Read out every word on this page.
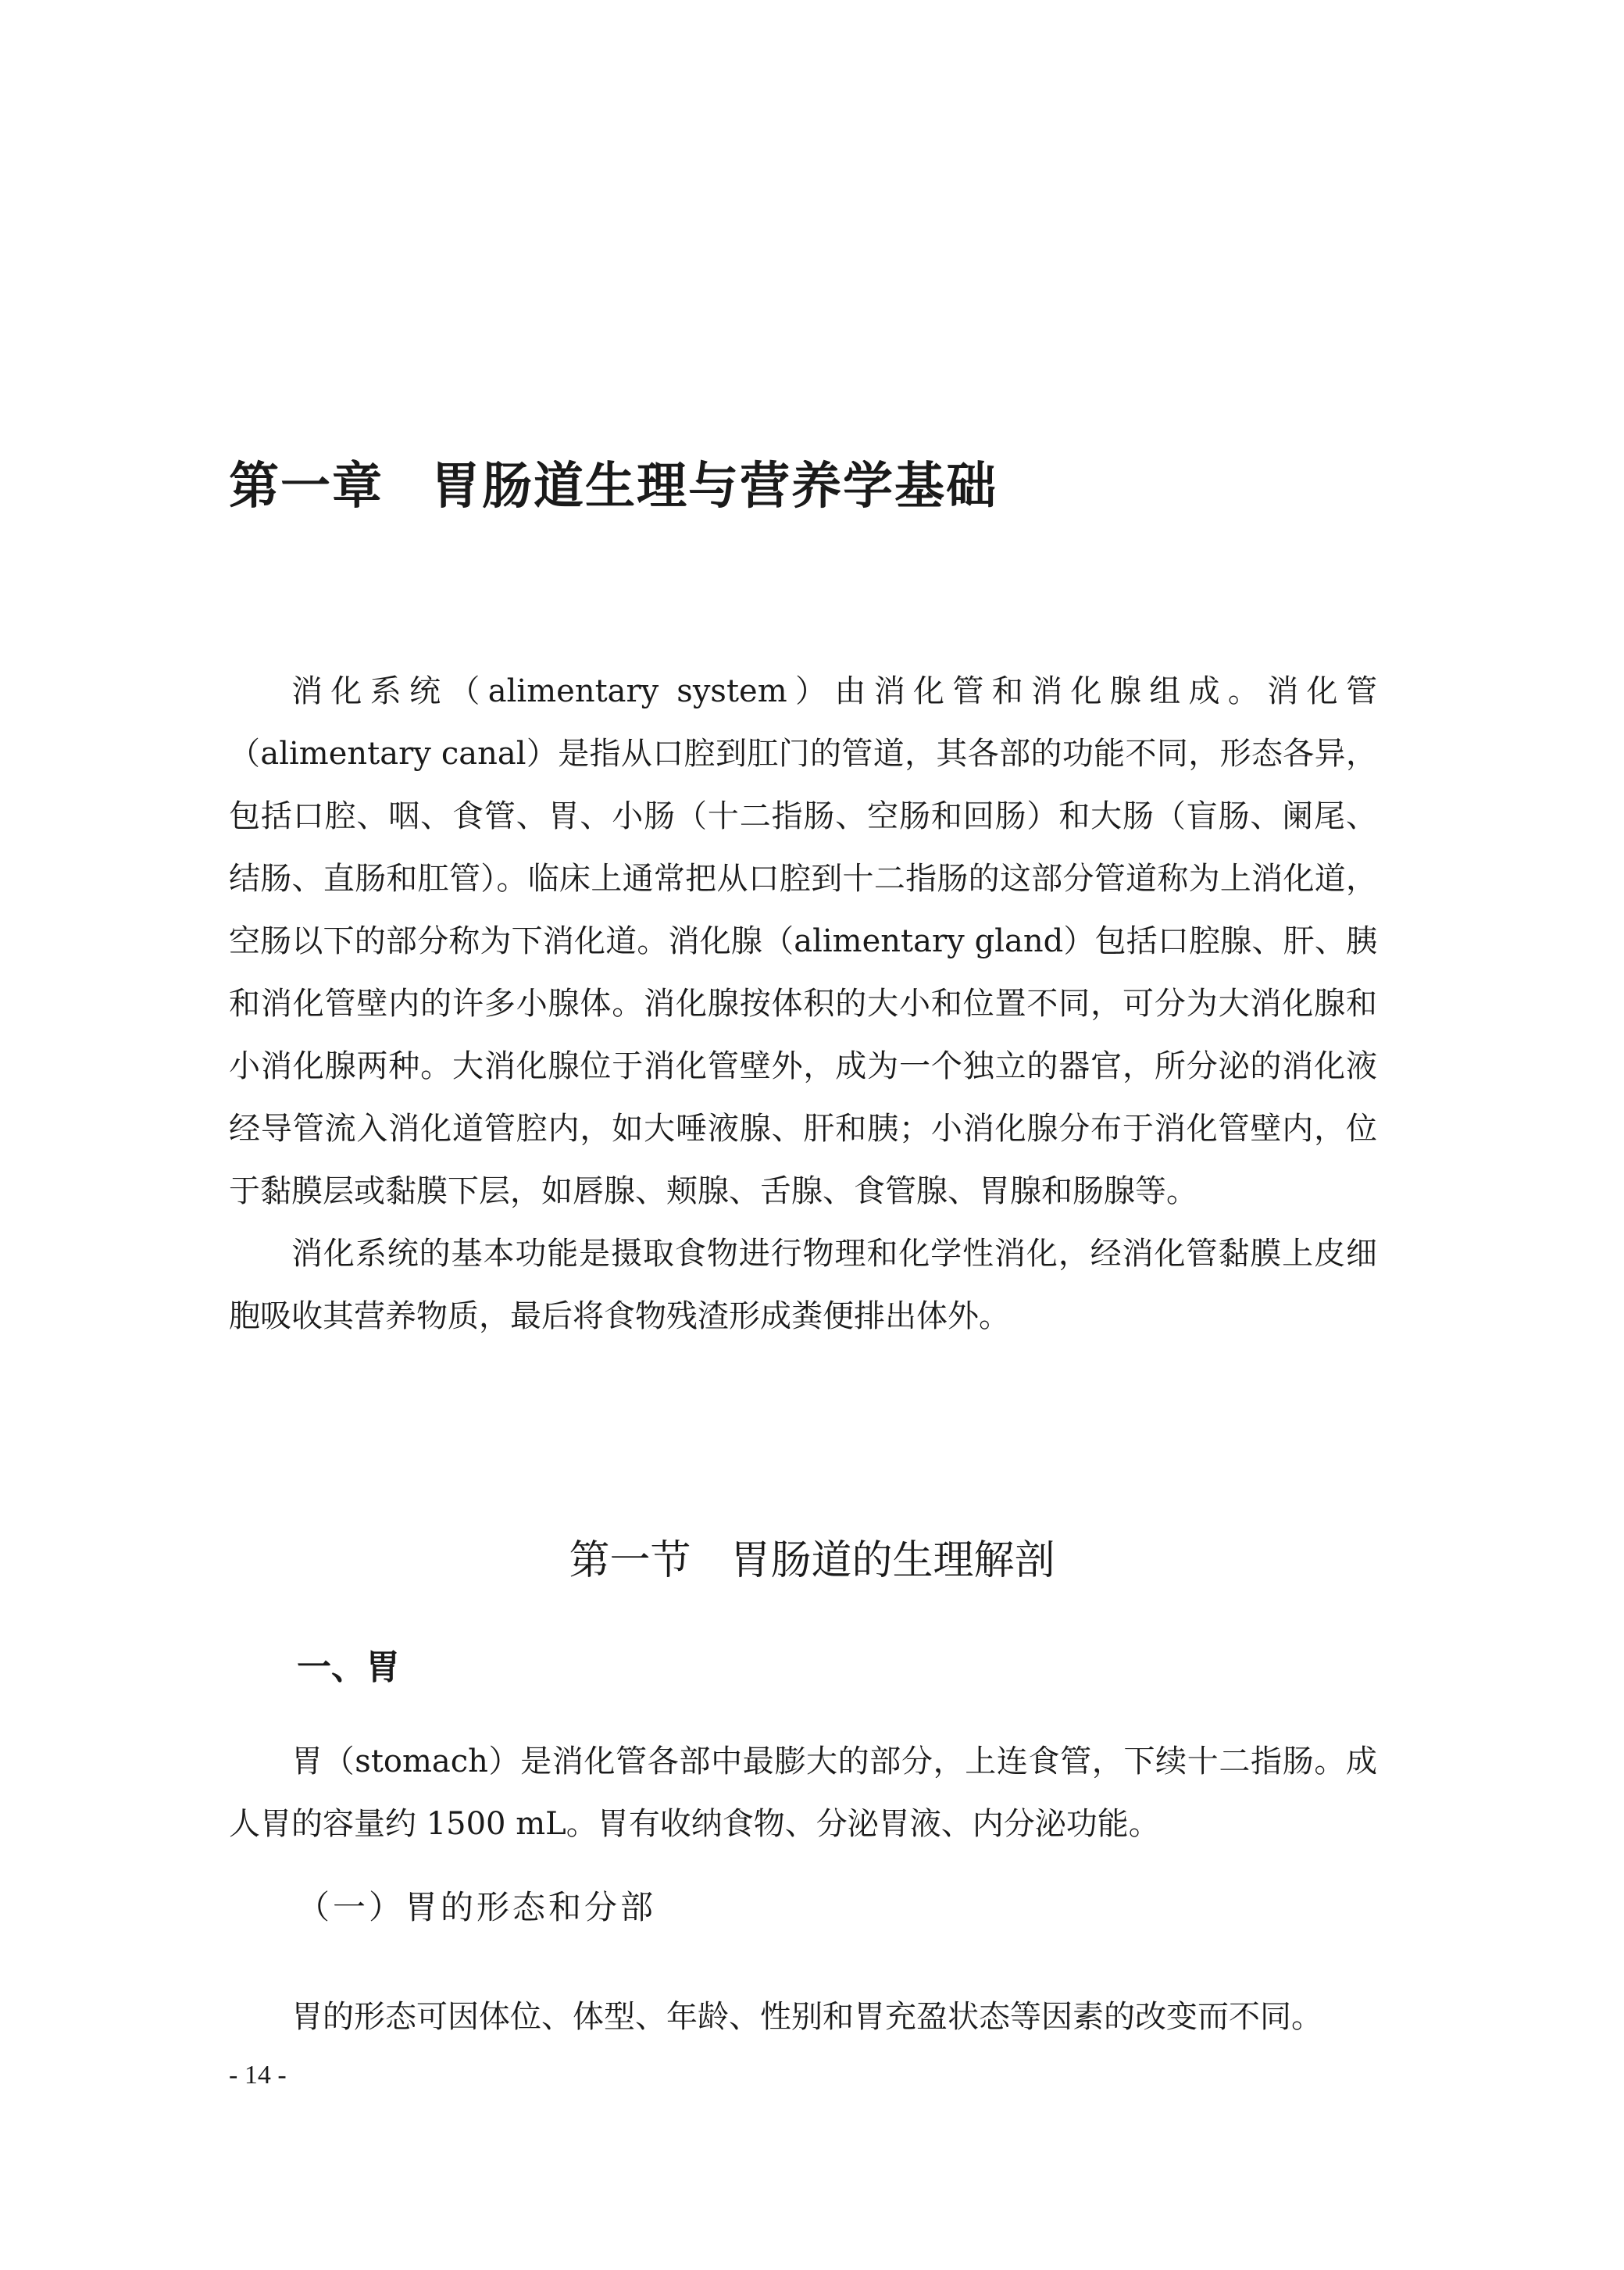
第一章 胃肠道生理与营养学基础

消化系统（alimentary system）由消化管和消化腺组成。消化管（alimentary canal）是指从口腔到肛门的管道，其各部的功能不同，形态各异，包括口腔、咽、食管、胃、小肠（十二指肠、空肠和回肠）和大肠（盲肠、阑尾、结肠、直肠和肛管）。临床上通常把从口腔到十二指肠的这部分管道称为上消化道，空肠以下的部分称为下消化道。消化腺（alimentary gland）包括口腔腺、肝、胰和消化管壁内的许多小腺体。消化腺按体积的大小和位置不同，可分为大消化腺和小消化腺两种。大消化腺位于消化管壁外，成为一个独立的器官，所分泌的消化液经导管流入消化道管腔内，如大唾液腺、肝和胰；小消化腺分布于消化管壁内，位于黏膜层或黏膜下层，如唇腺、颊腺、舌腺、食管腺、胃腺和肠腺等。

消化系统的基本功能是摄取食物进行物理和化学性消化，经消化管黏膜上皮细胞吸收其营养物质，最后将食物残渣形成粪便排出体外。

第一节 胃肠道的生理解剖
一、胃

胃（stomach）是消化管各部中最膨大的部分，上连食管，下续十二指肠。成人胃的容量约 1500 mL。胃有收纳食物、分泌胃液、内分泌功能。

（一）胃的形态和分部

胃的形态可因体位、体型、年龄、性别和胃充盈状态等因素的改变而不同。

- 14 -
